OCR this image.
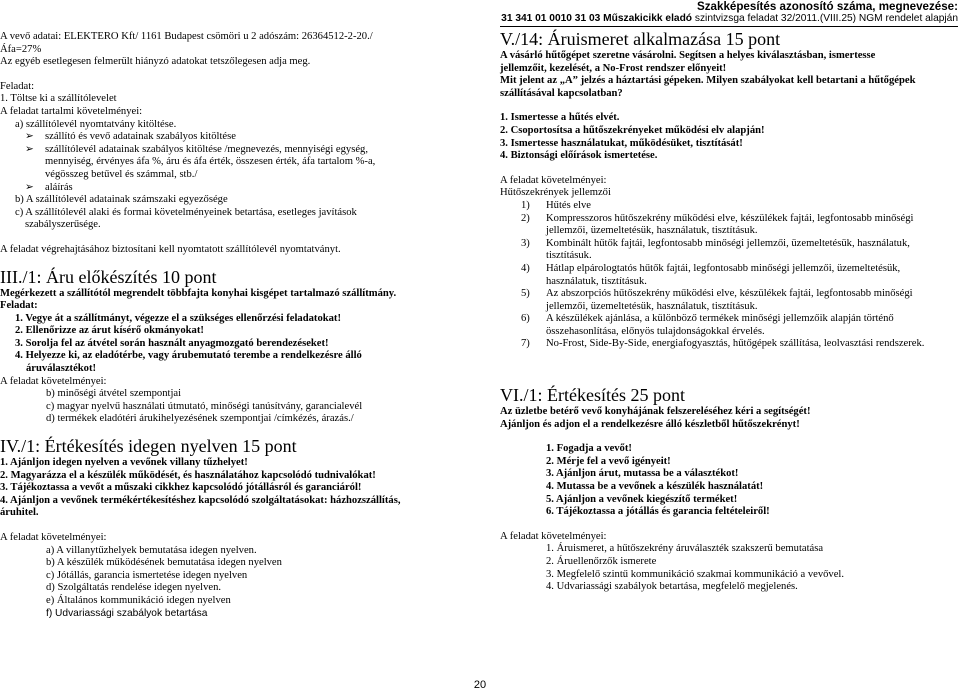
A vevő adatai: ELEKTERO Kft/ 1161 Budapest csömöri u 2 adószám: 26364512-2-20./

Áfa=27%

Az egyéb esetlegesen felmerült hiányzó adatokat tetszőlegesen adja meg.

Feladat:

1. Töltse ki a szállítólevelet

A feladat tartalmi követelményei:

a) szállítólevél nyomtatvány kitöltése.

➢ szállító és vevő adatainak szabályos kitöltése
➢ szállítólevél adatainak szabályos kitöltése /megnevezés, mennyiségi egység,
mennyiség, érvényes áfa %, áru és áfa érték, összesen érték, áfa tartalom %-a,
végösszeg betűvel és számmal, stb./
➢ aláírás

b) A szállítólevél adatainak számszaki egyezősége

c) A szállítólevél alaki és formai követelményeinek betartása, esetleges javítások

szabályszerűsége.

A feladat végrehajtásához biztosítani kell nyomtatott szállítólevél nyomtatványt.

III./1: Áru előkészítés 10 pont

Megérkezett a szállítótól megrendelt többfajta konyhai kisgépet tartalmazó szállítmány.

Feladat:

1. Vegye át a szállítmányt, végezze el a szükséges ellenőrzési feladatokat!

2. Ellenőrizze az árut kísérő okmányokat!

3. Sorolja fel az átvétel során használt anyagmozgató berendezéseket!

4. Helyezze ki, az eladótérbe, vagy árubemutató terembe a rendelkezésre álló

áruválasztékot!

A feladat követelményei:

b) minőségi átvétel szempontjai

c) magyar nyelvű használati útmutató, minőségi tanúsítvány, garancialevél

d) termékek eladótéri árukihelyezésének szempontjai /címkézés, árazás./

IV./1: Értékesítés idegen nyelven 15 pont

1. Ajánljon idegen nyelven a vevőnek villany tűzhelyet!

2. Magyarázza el a készülék működését, és használatához kapcsolódó tudnivalókat!

3. Tájékoztassa a vevőt a műszaki cikkhez kapcsolódó jótállásról és garanciáról!

4. Ajánljon a vevőnek termékértékesítéshez kapcsolódó szolgáltatásokat: házhozszállítás,

áruhitel.

A feladat követelményei:

a) A villanytűzhelyek bemutatása idegen nyelven.

b) A készülék működésének bemutatása idegen nyelven

c) Jótállás, garancia ismertetése idegen nyelven

d) Szolgáltatás rendelése idegen nyelven.

e) Általános kommunikáció idegen nyelven

f) Udvariassági szabályok betartása

Szakképesítés azonosító száma, megnevezése:
31 341 01 0010 31 03 Műszakicikk eladó szintvizsga feladat 32/2011.(VIII.25) NGM rendelet alapján

V./14: Áruismeret alkalmazása 15 pont

A vásárló hűtőgépet szeretne vásárolni. Segítsen a helyes kiválasztásban, ismertesse

jellemzőit, kezelését, a No-Frost rendszer előnyeit!

Mit jelent az „A” jelzés a háztartási gépeken. Milyen szabályokat kell betartani a hűtőgépek

szállításával kapcsolatban?

1. Ismertesse a hűtés elvét.

2. Csoportosítsa a hűtőszekrényeket működési elv alapján!

3. Ismertesse használatukat, működésüket, tisztítását!

4. Biztonsági előírások ismertetése.

A feladat követelményei:

Hűtőszekrények jellemzői

1) Hűtés elve
2) Kompresszoros hűtőszekrény működési elve, készülékek fajtái, legfontosabb minőségi
jellemzői, üzemeltetésük, használatuk, tisztításuk.
3) Kombinált hűtők fajtái, legfontosabb minőségi jellemzői, üzemeltetésük, használatuk,
tisztításuk.
4) Hátlap elpárologtatós hűtők fajtái, legfontosabb minőségi jellemzői, üzemeltetésük,
használatuk, tisztításuk.
5) Az abszorpciós hűtőszekrény működési elve, készülékek fajtái, legfontosabb minőségi
jellemzői, üzemeltetésük, használatuk, tisztításuk.
6) A készülékek ajánlása, a különböző termékek minőségi jellemzőik alapján történő
összehasonlítása, előnyös tulajdonságokkal érvelés.
7) No-Frost, Side-By-Side, energiafogyasztás, hűtőgépek szállítása, leolvasztási rendszerek.

VI./1: Értékesítés 25 pont

Az üzletbe betérő vevő konyhájának felszereléséhez kéri a segítségét!

Ajánljon és adjon el a rendelkezésre álló készletből hűtőszekrényt!

1. Fogadja a vevőt!

2. Mérje fel a vevő igényeit!

3. Ajánljon árut, mutassa be a választékot!

4. Mutassa be a vevőnek a készülék használatát!

5. Ajánljon a vevőnek kiegészítő terméket!

6. Tájékoztassa a jótállás és garancia feltételeiről!

A feladat követelményei:

1. Áruismeret, a hűtőszekrény áruválaszték szakszerű bemutatása

2. Áruellenőrzők ismerete

3. Megfelelő szintű kommunikáció szakmai kommunikáció a vevővel.

4. Udvariassági szabályok betartása, megfelelő megjelenés.

20
